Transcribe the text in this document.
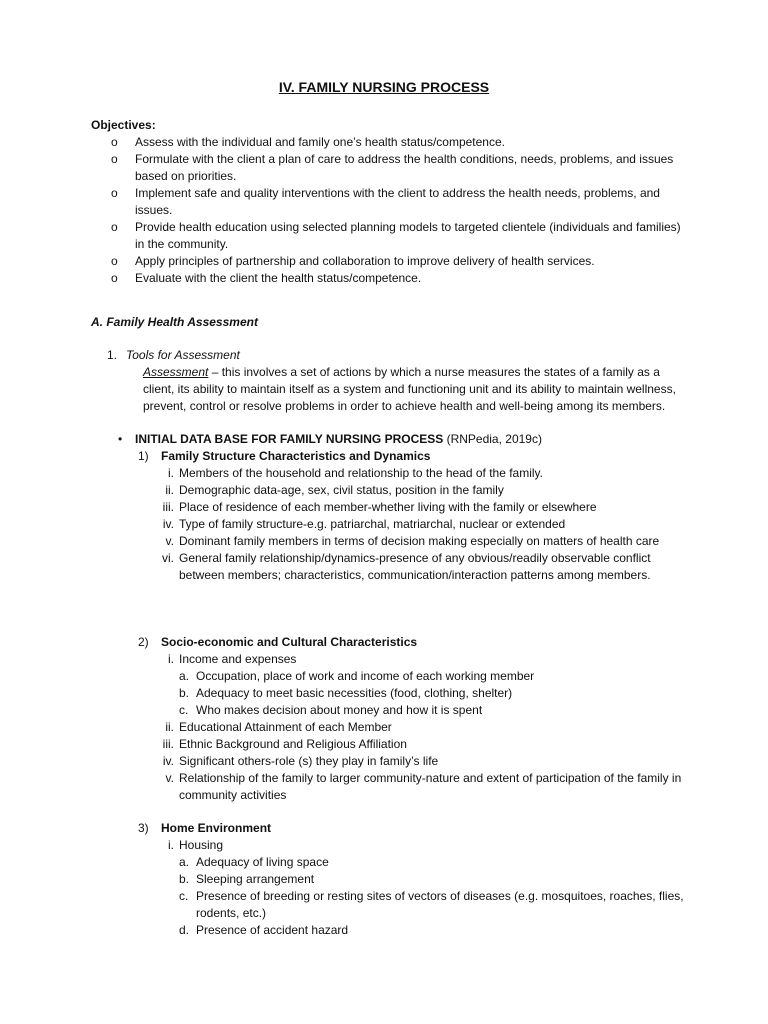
IV. FAMILY NURSING PROCESS
Objectives:
o Assess with the individual and family one’s health status/competence.
o Formulate with the client a plan of care to address the health conditions, needs, problems, and issues based on priorities.
o Implement safe and quality interventions with the client to address the health needs, problems, and issues.
o Provide health education using selected planning models to targeted clientele (individuals and families) in the community.
o Apply principles of partnership and collaboration to improve delivery of health services.
o Evaluate with the client the health status/competence.
A. Family Health Assessment
1. Tools for Assessment
Assessment – this involves a set of actions by which a nurse measures the states of a family as a client, its ability to maintain itself as a system and functioning unit and its ability to maintain wellness, prevent, control or resolve problems in order to achieve health and well-being among its members.
• INITIAL DATA BASE FOR FAMILY NURSING PROCESS (RNPedia, 2019c)
1) Family Structure Characteristics and Dynamics
i. Members of the household and relationship to the head of the family.
ii. Demographic data-age, sex, civil status, position in the family
iii. Place of residence of each member-whether living with the family or elsewhere
iv. Type of family structure-e.g. patriarchal, matriarchal, nuclear or extended
v. Dominant family members in terms of decision making especially on matters of health care
vi. General family relationship/dynamics-presence of any obvious/readily observable conflict between members; characteristics, communication/interaction patterns among members.
2) Socio-economic and Cultural Characteristics
i. Income and expenses
a. Occupation, place of work and income of each working member
b. Adequacy to meet basic necessities (food, clothing, shelter)
c. Who makes decision about money and how it is spent
ii. Educational Attainment of each Member
iii. Ethnic Background and Religious Affiliation
iv. Significant others-role (s) they play in family’s life
v. Relationship of the family to larger community-nature and extent of participation of the family in community activities
3) Home Environment
i. Housing
a. Adequacy of living space
b. Sleeping arrangement
c. Presence of breeding or resting sites of vectors of diseases (e.g. mosquitoes, roaches, flies, rodents, etc.)
d. Presence of accident hazard
